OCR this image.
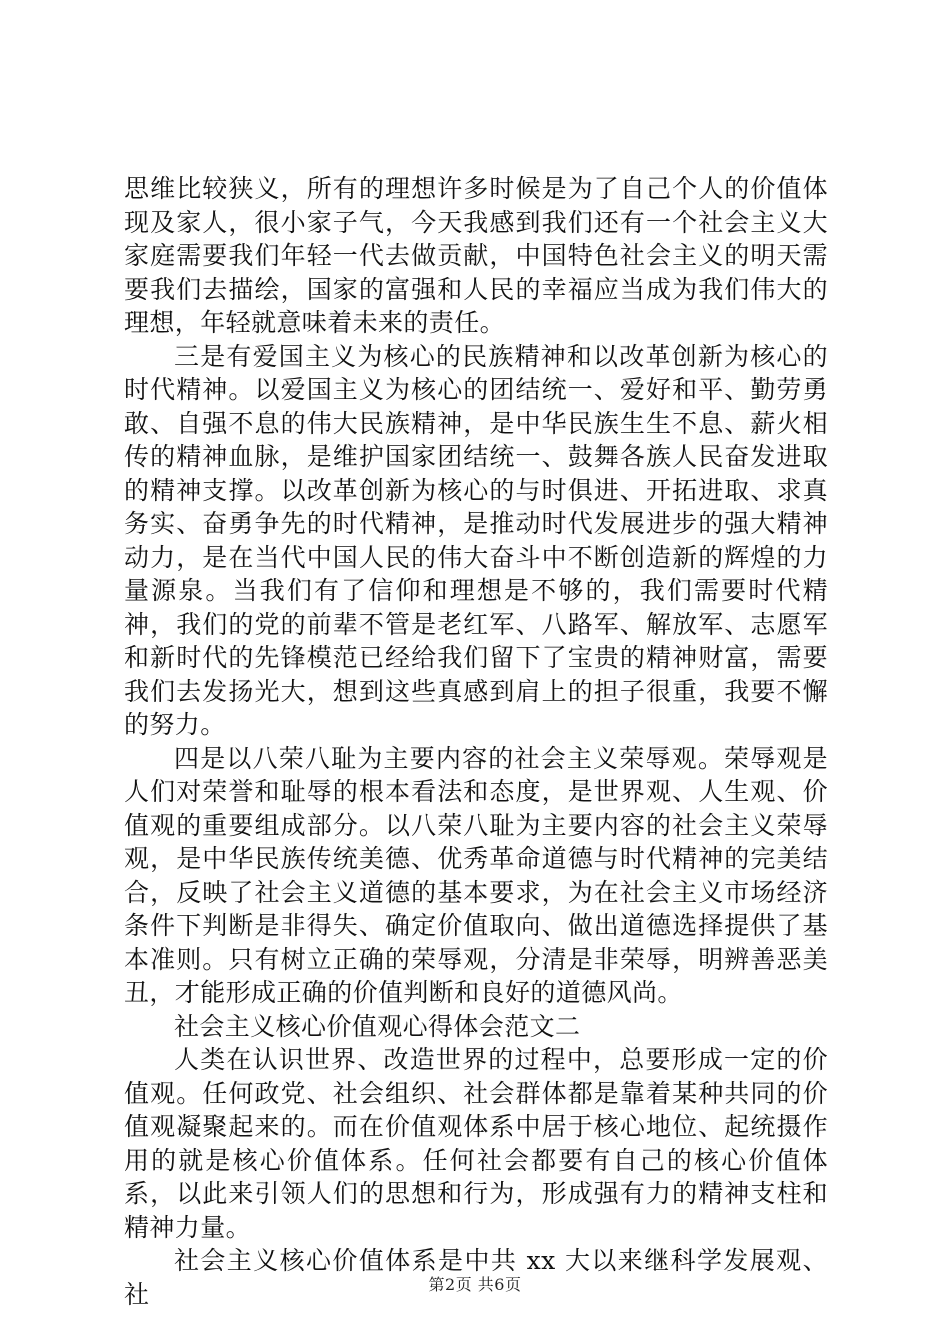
思维比较狭义，所有的理想许多时候是为了自己个人的价值体现及家人，很小家子气，今天我感到我们还有一个社会主义大家庭需要我们年轻一代去做贡献，中国特色社会主义的明天需要我们去描绘，国家的富强和人民的幸福应当成为我们伟大的理想，年轻就意味着未来的责任。

三是有爱国主义为核心的民族精神和以改革创新为核心的时代精神。以爱国主义为核心的团结统一、爱好和平、勤劳勇敢、自强不息的伟大民族精神，是中华民族生生不息、薪火相传的精神血脉，是维护国家团结统一、鼓舞各族人民奋发进取的精神支撑。以改革创新为核心的与时俱进、开拓进取、求真务实、奋勇争先的时代精神，是推动时代发展进步的强大精神动力，是在当代中国人民的伟大奋斗中不断创造新的辉煌的力量源泉。当我们有了信仰和理想是不够的，我们需要时代精神，我们的党的前辈不管是老红军、八路军、解放军、志愿军和新时代的先锋模范已经给我们留下了宝贵的精神财富，需要我们去发扬光大，想到这些真感到肩上的担子很重，我要不懈的努力。

四是以八荣八耻为主要内容的社会主义荣辱观。荣辱观是人们对荣誉和耻辱的根本看法和态度，是世界观、人生观、价值观的重要组成部分。以八荣八耻为主要内容的社会主义荣辱观，是中华民族传统美德、优秀革命道德与时代精神的完美结合，反映了社会主义道德的基本要求，为在社会主义市场经济条件下判断是非得失、确定价值取向、做出道德选择提供了基本准则。只有树立正确的荣辱观，分清是非荣辱，明辨善恶美丑，才能形成正确的价值判断和良好的道德风尚。

社会主义核心价值观心得体会范文二

人类在认识世界、改造世界的过程中，总要形成一定的价值观。任何政党、社会组织、社会群体都是靠着某种共同的价值观凝聚起来的。而在价值观体系中居于核心地位、起统摄作用的就是核心价值体系。任何社会都要有自己的核心价值体系，以此来引领人们的思想和行为，形成强有力的精神支柱和精神力量。

社会主义核心价值体系是中共 xx 大以来继科学发展观、社	第2页 共6页
